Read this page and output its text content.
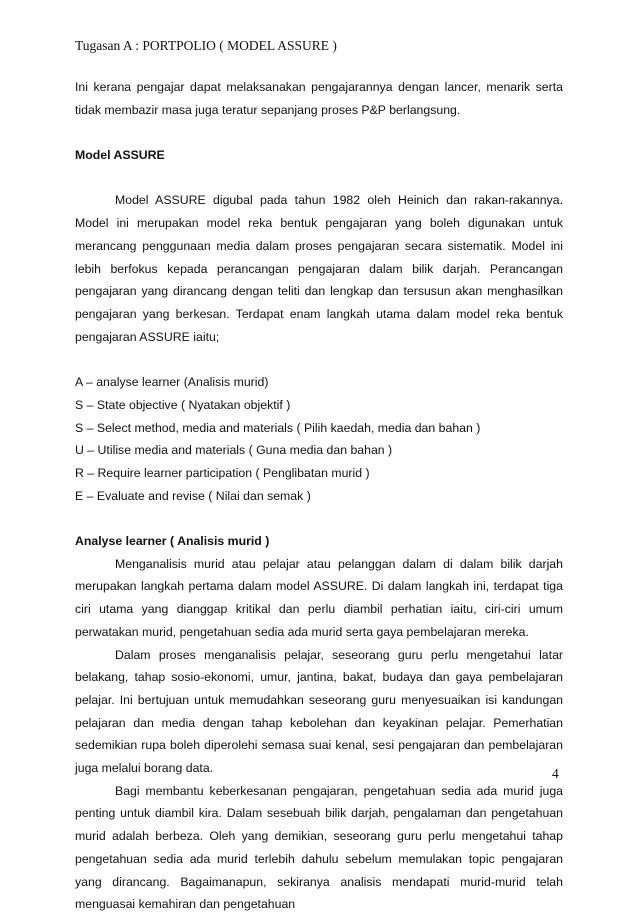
Tugasan A : PORTPOLIO ( MODEL ASSURE )

Ini kerana pengajar dapat melaksanakan pengajarannya dengan lancer, menarik serta tidak membazir masa juga teratur sepanjang proses P&P berlangsung.

Model ASSURE

Model ASSURE digubal pada tahun 1982 oleh Heinich dan rakan-rakannya. Model ini merupakan model reka bentuk pengajaran yang boleh digunakan untuk merancang penggunaan media dalam proses pengajaran secara sistematik. Model ini lebih berfokus kepada perancangan pengajaran dalam bilik darjah. Perancangan pengajaran yang dirancang dengan teliti dan lengkap dan tersusun akan menghasilkan pengajaran yang berkesan. Terdapat enam langkah utama dalam model reka bentuk pengajaran ASSURE iaitu;

A – analyse learner (Analisis murid)
S – State objective ( Nyatakan objektif )
S – Select method, media and materials ( Pilih kaedah, media dan bahan )
U – Utilise media and materials ( Guna media dan bahan )
R – Require learner participation ( Penglibatan murid )
E – Evaluate and revise ( Nilai dan semak )

Analyse learner ( Analisis murid )

Menganalisis murid atau pelajar atau pelanggan dalam di dalam bilik darjah merupakan langkah pertama dalam model ASSURE. Di dalam langkah ini, terdapat tiga ciri utama yang dianggap kritikal dan perlu diambil perhatian iaitu, ciri-ciri umum perwatakan murid, pengetahuan sedia ada murid serta gaya pembelajaran mereka.

Dalam proses menganalisis pelajar, seseorang guru perlu mengetahui latar belakang, tahap sosio-ekonomi, umur, jantina, bakat, budaya dan gaya pembelajaran pelajar. Ini bertujuan untuk memudahkan seseorang guru menyesuaikan isi kandungan pelajaran dan media dengan tahap kebolehan dan keyakinan pelajar. Pemerhatian sedemikian rupa boleh diperolehi semasa suai kenal, sesi pengajaran dan pembelajaran juga melalui borang data.

Bagi membantu keberkesanan pengajaran, pengetahuan sedia ada murid juga penting untuk diambil kira. Dalam sesebuah bilik darjah, pengalaman dan pengetahuan murid adalah berbeza. Oleh yang demikian, seseorang guru perlu mengetahui tahap pengetahuan sedia ada murid terlebih dahulu sebelum memulakan topic pengajaran yang dirancang. Bagaimanapun, sekiranya analisis mendapati murid-murid telah menguasai kemahiran dan pengetahuan

4
